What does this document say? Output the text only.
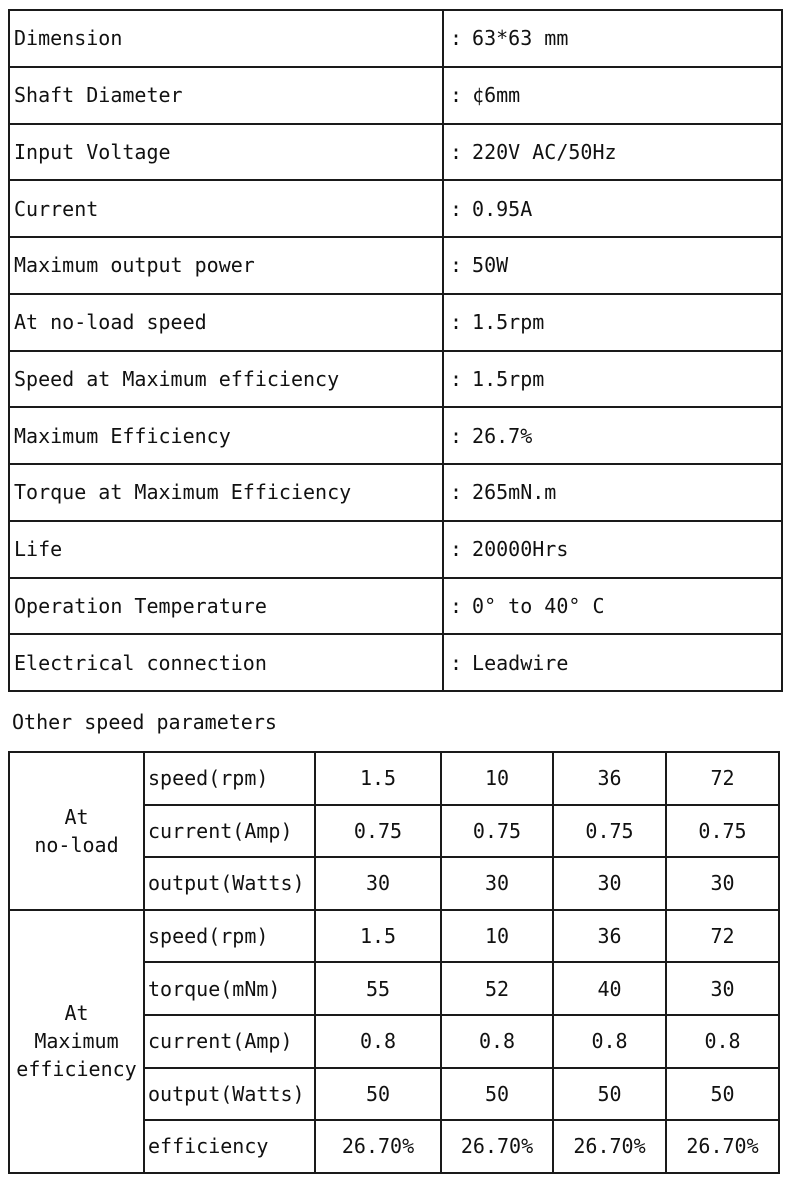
Dimension	: 63*63 mm
Shaft Diameter	: ¢6mm
Input Voltage	: 220V AC/50Hz
Current	: 0.95A
Maximum output power	: 50W
At no-load speed	: 1.5rpm
Speed at Maximum efficiency	: 1.5rpm
Maximum Efficiency	: 26.7%
Torque at Maximum Efficiency	: 265mN.m
Life	: 20000Hrs
Operation Temperature	: 0° to 40° C
Electrical connection	: Leadwire
Other speed parameters
At
no-load	speed(rpm)	1.5	10	36	72
	current(Amp)	0.75	0.75	0.75	0.75
	output(Watts)	30	30	30	30

At
Maximum
efficiency	speed(rpm)	1.5	10	36	72
	torque(mNm)	55	52	40	30
	current(Amp)	0.8	0.8	0.8	0.8
	output(Watts)	50	50	50	50
	efficiency	26.70%	26.70%	26.70%	26.70%
